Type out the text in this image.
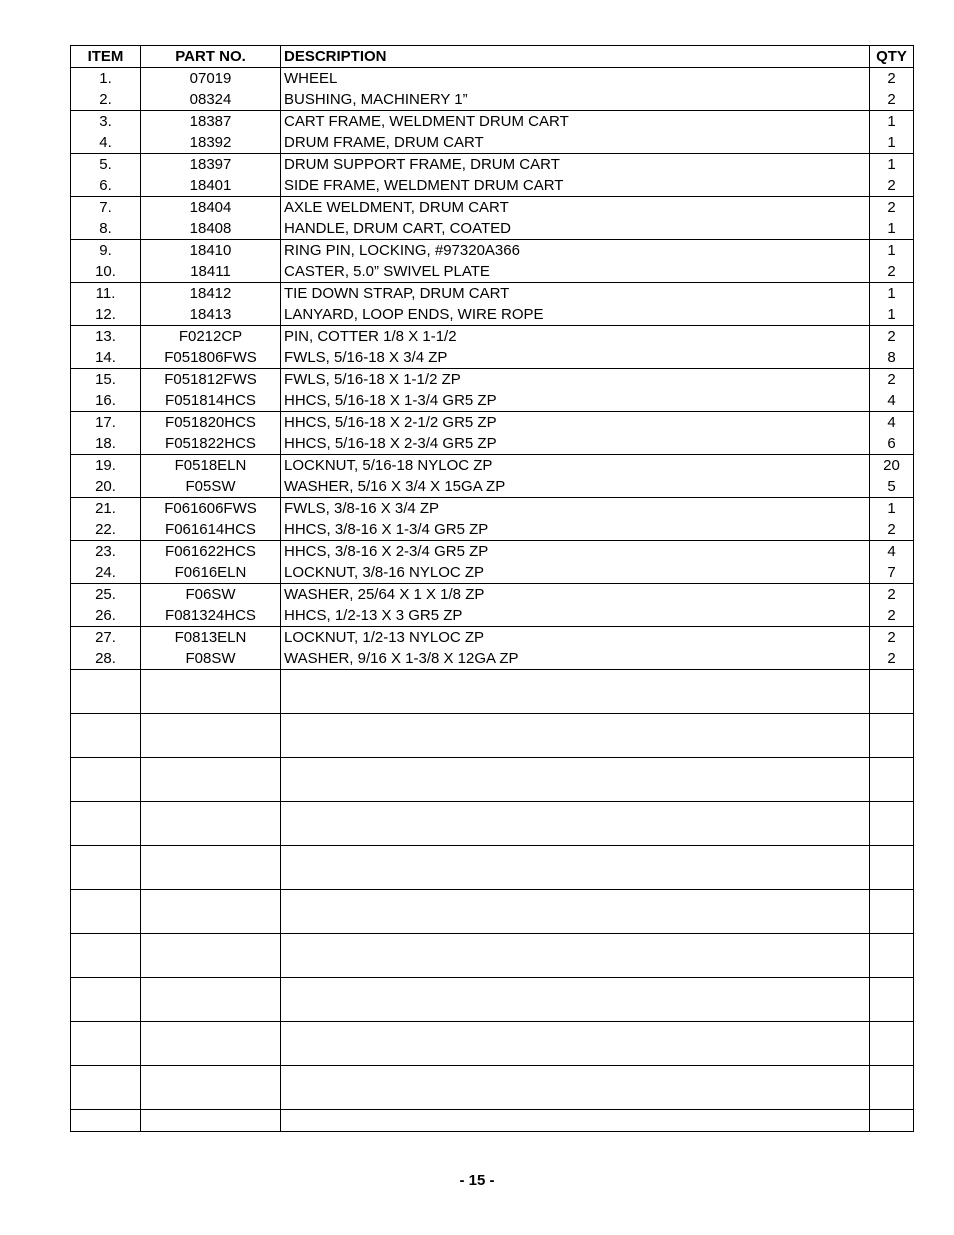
ITEM	PART NO.	DESCRIPTION	QTY
1.	07019	WHEEL	2
2.	08324	BUSHING, MACHINERY 1”	2
3.	18387	CART FRAME, WELDMENT DRUM CART	1
4.	18392	DRUM FRAME, DRUM CART	1
5.	18397	DRUM SUPPORT FRAME, DRUM CART	1
6.	18401	SIDE FRAME, WELDMENT DRUM CART	2
7.	18404	AXLE WELDMENT, DRUM CART	2
8.	18408	HANDLE, DRUM CART, COATED	1
9.	18410	RING PIN, LOCKING, #97320A366	1
10.	18411	CASTER, 5.0” SWIVEL PLATE	2
11.	18412	TIE DOWN STRAP, DRUM CART	1
12.	18413	LANYARD, LOOP ENDS, WIRE ROPE	1
13.	F0212CP	PIN, COTTER 1/8 X 1-1/2	2
14.	F051806FWS	FWLS, 5/16-18 X 3/4 ZP	8
15.	F051812FWS	FWLS, 5/16-18 X 1-1/2 ZP	2
16.	F051814HCS	HHCS, 5/16-18 X 1-3/4 GR5 ZP	4
17.	F051820HCS	HHCS, 5/16-18 X 2-1/2 GR5 ZP	4
18.	F051822HCS	HHCS, 5/16-18 X 2-3/4 GR5 ZP	6
19.	F0518ELN	LOCKNUT, 5/16-18 NYLOC ZP	20
20.	F05SW	WASHER, 5/16 X 3/4 X 15GA ZP	5
21.	F061606FWS	FWLS, 3/8-16 X 3/4 ZP	1
22.	F061614HCS	HHCS, 3/8-16 X 1-3/4 GR5 ZP	2
23.	F061622HCS	HHCS, 3/8-16 X 2-3/4 GR5 ZP	4
24.	F0616ELN	LOCKNUT, 3/8-16 NYLOC ZP	7
25.	F06SW	WASHER, 25/64 X 1 X 1/8 ZP	2
26.	F081324HCS	HHCS, 1/2-13 X 3 GR5 ZP	2
27.	F0813ELN	LOCKNUT, 1/2-13 NYLOC ZP	2
28.	F08SW	WASHER, 9/16 X 1-3/8 X 12GA ZP	2

- 15 -
